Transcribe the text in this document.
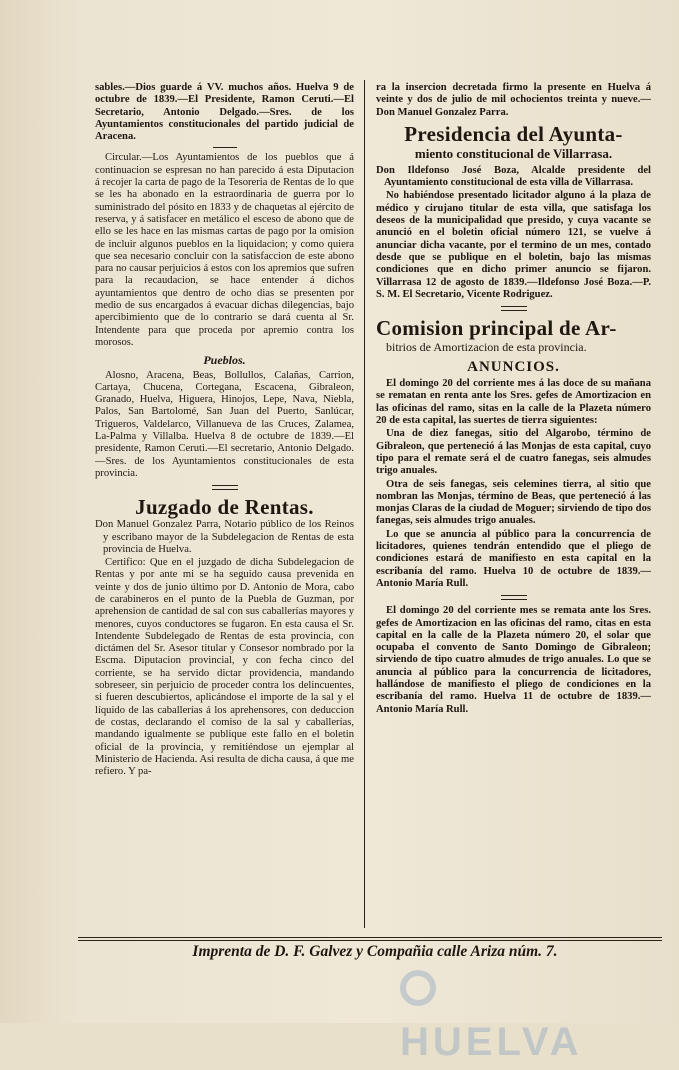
sables.—Dios guarde á VV. muchos años. Huelva 9 de octubre de 1839.—El Presidente, Ramon Ceruti.—El Secretario, Antonio Delgado.—Sres. de los Ayuntamientos constitucionales del partido judicial de Aracena.

Circular.—Los Ayuntamientos de los pueblos que á continuacion se espresan no han parecido á esta Diputacion á recojer la carta de pago de la Tesoreria de Rentas de lo que se les ha abonado en la estraordinaria de guerra por lo suministrado del pósito en 1833 y de chaquetas al ejército de reserva, y á satisfacer en metálico el esceso de abono que de ello se les hace en las mismas cartas de pago por la omision de incluir algunos pueblos en la liquidacion; y como quiera que sea necesario concluir con la satisfaccion de este abono para no causar perjuicios á estos con los apremios que sufren para la recaudacion, se hace entender á dichos ayuntamientos que dentro de ocho dias se presenten por medio de sus encargados á evacuar dichas dilegencias, bajo apercibimiento que de lo contrario se dará cuenta al Sr. Intendente para que proceda por apremio contra los morosos.

Pueblos.

Alosno, Aracena, Beas, Bollullos, Calañas, Carrion, Cartaya, Chucena, Cortegana, Escacena, Gibraleon, Granado, Huelva, Higuera, Hinojos, Lepe, Nava, Niebla, Palos, San Bartolomé, San Juan del Puerto, Sanlúcar, Trigueros, Valdelarco, Villanueva de las Cruces, Zalamea, La-Palma y Villalba. Huelva 8 de octubre de 1839.—El presidente, Ramon Ceruti.—El secretario, Antonio Delgado.—Sres. de los Ayuntamientos constitucionales de esta provincia.

Juzgado de Rentas.

Don Manuel Gonzalez Parra, Notario público de los Reinos y escribano mayor de la Subdelegacion de Rentas de esta provincia de Huelva.

Certifico: Que en el juzgado de dicha Subdelegacion de Rentas y por ante mi se ha seguido causa prevenida en veinte y dos de junio último por D. Antonio de Mora, cabo de carabineros en el punto de la Puebla de Guzman, por aprehension de cantidad de sal con sus caballerías mayores y menores, cuyos conductores se fugaron. En esta causa el Sr. Intendente Subdelegado de Rentas de esta provincia, con dictámen del Sr. Asesor titular y Consesor nombrado por la Escma. Diputacion provincial, y con fecha cinco del corriente, se ha servido dictar providencia, mandando sobreseer, sin perjuicio de proceder contra los delincuentes, si fueren descubiertos, aplicándose el importe de la sal y el líquido de las caballerías á los aprehensores, con deduccion de costas, declarando el comiso de la sal y caballerías, mandando igualmente se publique este fallo en el boletin oficial de la provincia, y remitiéndose un ejemplar al Ministerio de Hacienda. Asi resulta de dicha causa, á que me refiero. Y pa-

ra la insercion decretada firmo la presente en Huelva á veinte y dos de julio de mil ochocientos treinta y nueve.—Don Manuel Gonzalez Parra.

Presidencia del Ayunta-
miento constitucional de Villarrasa.

Don Ildefonso José Boza, Alcalde presidente del Ayuntamiento constitucional de esta villa de Villarrasa.

No habiéndose presentado licitador alguno á la plaza de médico y cirujano titular de esta villa, que satisfaga los deseos de la municipalidad que presido, y cuya vacante se anunció en el boletin oficial número 121, se vuelve á anunciar dicha vacante, por el termino de un mes, contado desde que se publique en el boletin, bajo las mismas condiciones que en dicho primer anuncio se fijaron. Villarrasa 12 de agosto de 1839.—Ildefonso José Boza.—P. S. M. El Secretario, Vicente Rodriguez.

Comision principal de Ar-
bitrios de Amortizacion de esta provincia.
ANUNCIOS.

El domingo 20 del corriente mes á las doce de su mañana se rematan en renta ante los Sres. gefes de Amortizacion en las oficinas del ramo, sitas en la calle de la Plazeta número 20 de esta capital, las suertes de tierra siguientes:

Una de diez fanegas, sitio del Algarobo, término de Gibraleon, que perteneció á las Monjas de esta capital, cuyo tipo para el remate será el de cuatro fanegas, seis almudes trigo anuales.

Otra de seis fanegas, seis celemines tierra, al sitio que nombran las Monjas, término de Beas, que perteneció á las monjas Claras de la ciudad de Moguer; sirviendo de tipo dos fanegas, seis almudes trigo anuales.

Lo que se anuncia al público para la concurrencia de licitadores, quienes tendrán entendido que el pliego de condiciones estará de manifiesto en esta capital en la escribanía del ramo. Huelva 10 de octubre de 1839.—Antonio María Rull.

El domingo 20 del corriente mes se remata ante los Sres. gefes de Amortizacion en las oficinas del ramo, citas en esta capital en la calle de la Plazeta número 20, el solar que ocupaba el convento de Santo Domingo de Gibraleon; sirviendo de tipo cuatro almudes de trigo anuales. Lo que se anuncia al público para la concurrencia de licitadores, hallándose de manifiesto el pliego de condiciones en la escribanía del ramo. Huelva 11 de octubre de 1839.—Antonio María Rull.

Imprenta de D. F. Galvez y Compañia calle Ariza núm. 7.
HUELVA
